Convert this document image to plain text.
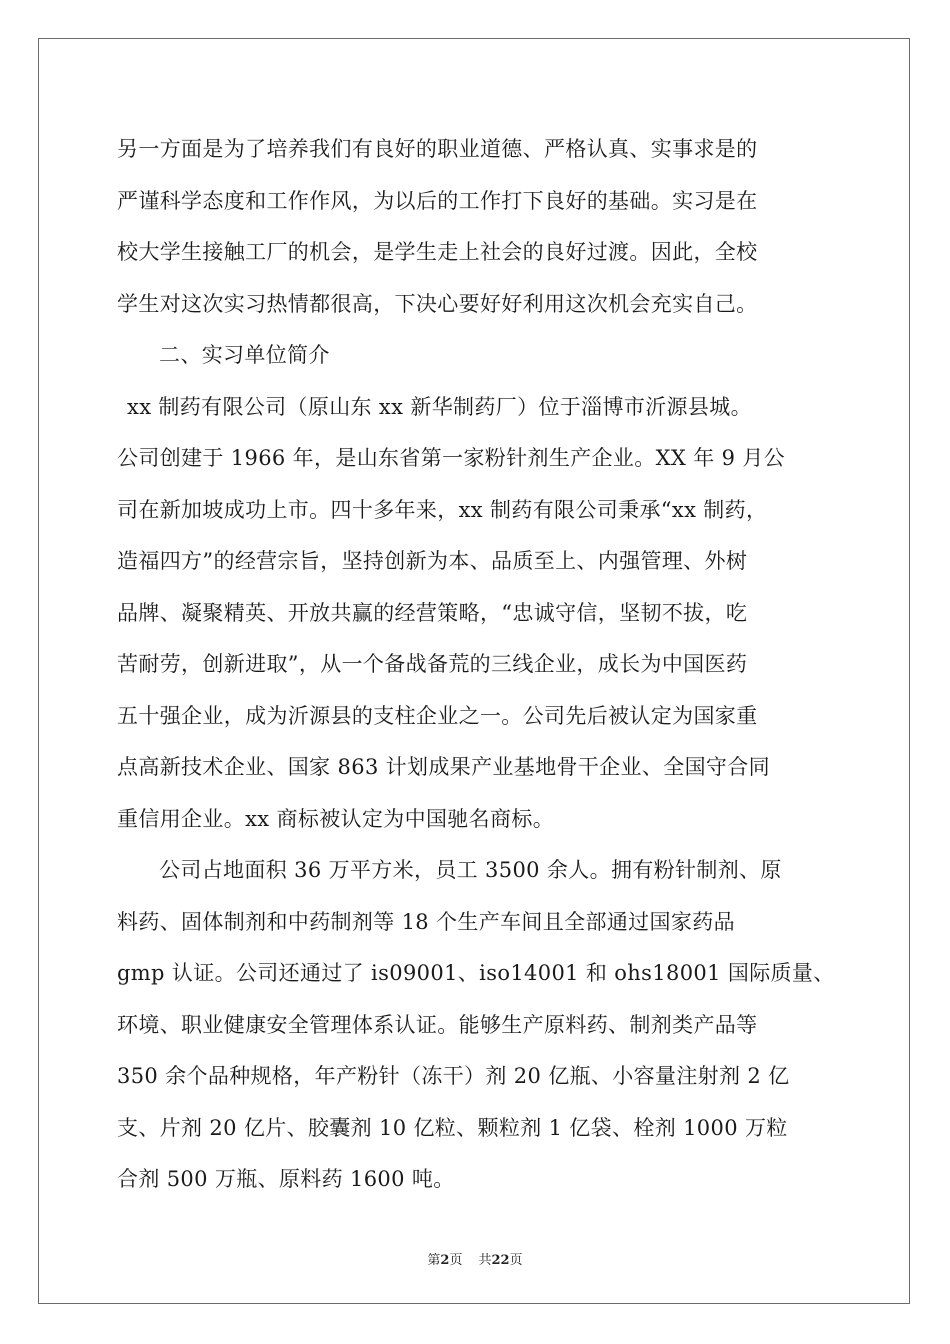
另一方面是为了培养我们有良好的职业道德、严格认真、实事求是的
严谨科学态度和工作作风，为以后的工作打下良好的基础。实习是在
校大学生接触工厂的机会，是学生走上社会的良好过渡。因此，全校
学生对这次实习热情都很高，下决心要好好利用这次机会充实自己。
二、实习单位简介
xx 制药有限公司（原山东 xx 新华制药厂）位于淄博市沂源县城。
公司创建于 1966 年，是山东省第一家粉针剂生产企业。XX 年 9 月公
司在新加坡成功上市。四十多年来，xx 制药有限公司秉承“xx 制药，
造福四方”的经营宗旨，坚持创新为本、品质至上、内强管理、外树
品牌、凝聚精英、开放共赢的经营策略，“忠诚守信，坚韧不拔，吃
苦耐劳，创新进取”，从一个备战备荒的三线企业，成长为中国医药
五十强企业，成为沂源县的支柱企业之一。公司先后被认定为国家重
点高新技术企业、国家 863 计划成果产业基地骨干企业、全国守合同
重信用企业。xx 商标被认定为中国驰名商标。
公司占地面积 36 万平方米，员工 3500 余人。拥有粉针制剂、原
料药、固体制剂和中药制剂等 18 个生产车间且全部通过国家药品
gmp 认证。公司还通过了 is09001、iso14001 和 ohs18001 国际质量、
环境、职业健康安全管理体系认证。能够生产原料药、制剂类产品等
350 余个品种规格，年产粉针（冻干）剂 20 亿瓶、小容量注射剂 2 亿
支、片剂 20 亿片、胶囊剂 10 亿粒、颗粒剂 1 亿袋、栓剂 1000 万粒
合剂 500 万瓶、原料药 1600 吨。
第2页 共22页
